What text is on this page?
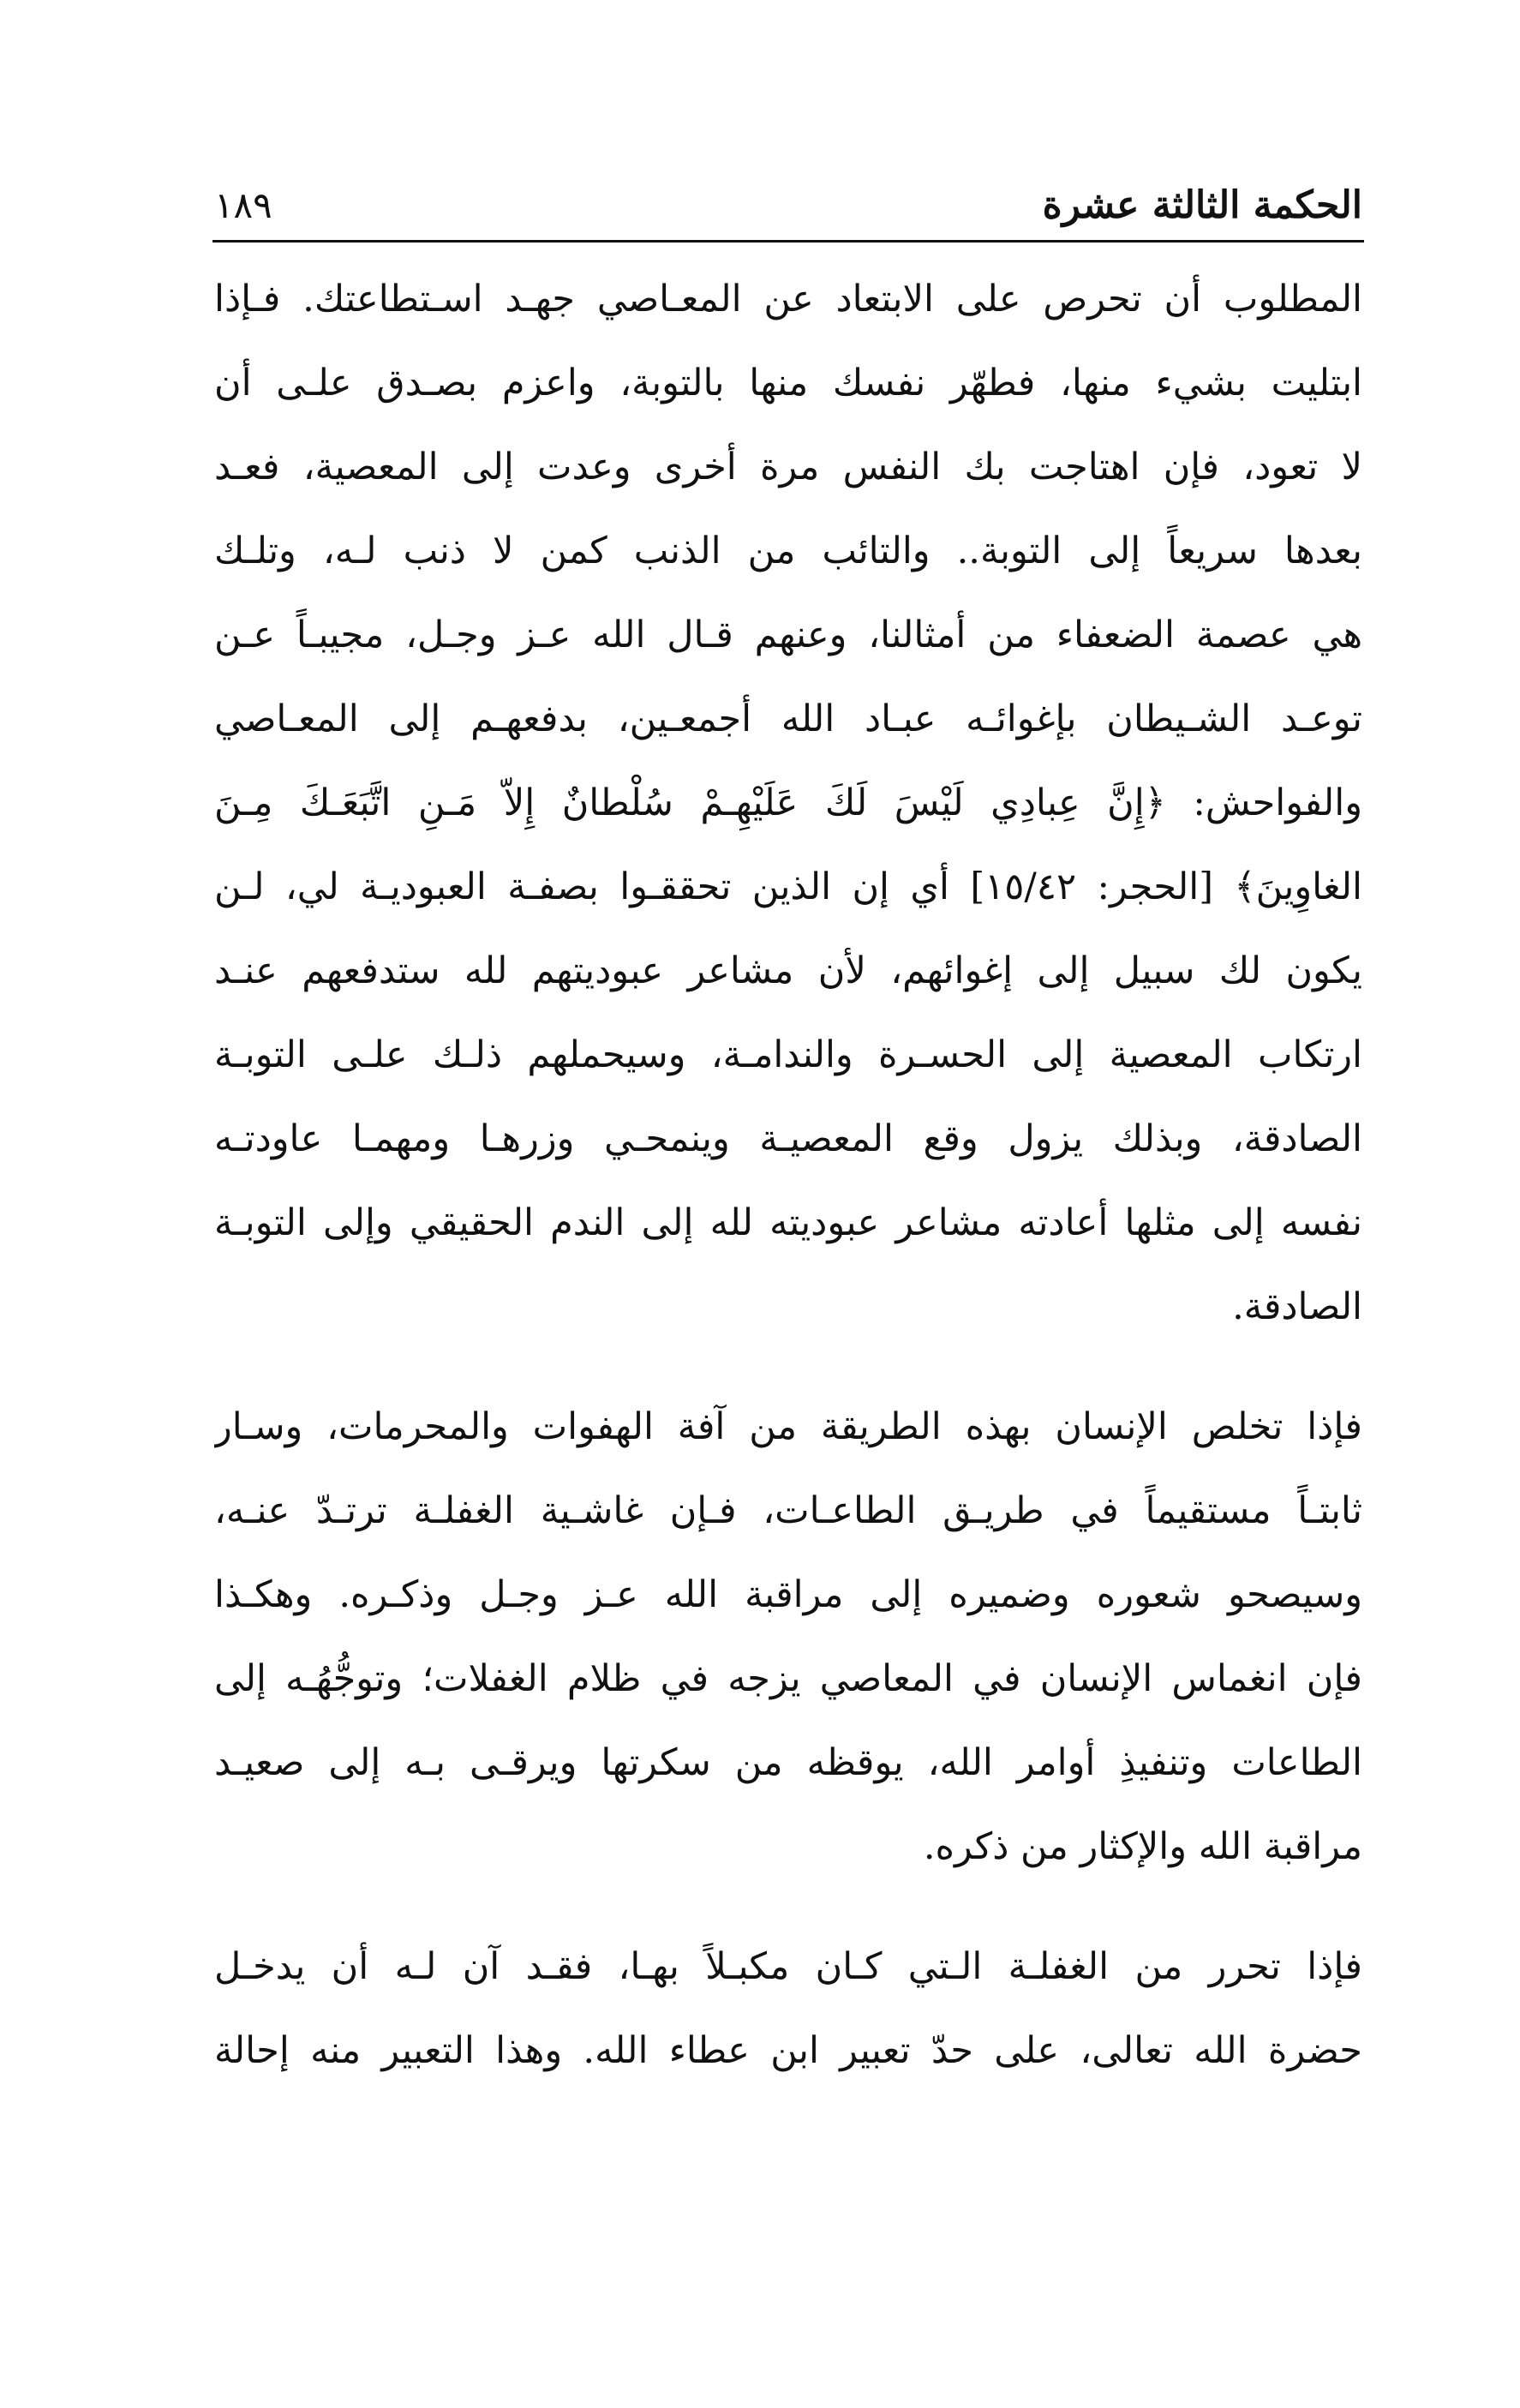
الحكمة الثالثة عشرة
١٨٩
المطلوب أن تحرص على الابتعاد عن المعـاصي جهـد اسـتطاعتك. فـإذا
ابتليت بشيء منها، فطهّر نفسك منها بالتوبة، واعزم بصـدق علـى أن
لا تعود، فإن اهتاجت بك النفس مرة أخرى وعدت إلى المعصية، فعـد
بعدها سريعاً إلى التوبة.. والتائب من الذنب كمن لا ذنب لـه، وتلـك
هي عصمة الضعفاء من أمثالنا، وعنهم قـال الله عـز وجـل، مجيبـاً عـن
توعـد الشـيطان بإغوائـه عبـاد الله أجمعـين، بدفعهـم إلى المعـاصي
والفواحش: ﴿إِنَّ عِبادِي لَيْسَ لَكَ عَلَيْهِـمْ سُلْطانٌ إِلاّ مَـنِ اتَّبَعَـكَ مِـنَ
الغاوِينَ﴾ [الحجر: ١٥/٤٢] أي إن الذين تحققـوا بصفـة العبوديـة لي، لـن
يكون لك سبيل إلى إغوائهم، لأن مشاعر عبوديتهم لله ستدفعهم عنـد
ارتكاب المعصية إلى الحسـرة والندامـة، وسيحملهم ذلـك علـى التوبـة
الصادقة، وبذلك يزول وقع المعصيـة وينمحـي وزرهـا ومهمـا عاودتـه
نفسه إلى مثلها أعادته مشاعر عبوديته لله إلى الندم الحقيقي وإلى التوبـة
الصادقة.
فإذا تخلص الإنسان بهذه الطريقة من آفة الهفوات والمحرمات، وسـار
ثابتـاً مستقيماً في طريـق الطاعـات، فـإن غاشـية الغفلـة ترتـدّ عنـه،
وسيصحو شعوره وضميره إلى مراقبة الله عـز وجـل وذكـره. وهكـذا
فإن انغماس الإنسان في المعاصي يزجه في ظلام الغفلات؛ وتوجُّهُـه إلى
الطاعات وتنفيذِ أوامر الله، يوقظه من سكرتها ويرقـى بـه إلى صعيـد
مراقبة الله والإكثار من ذكره.
فإذا تحرر من الغفلـة الـتي كـان مكبـلاً بهـا، فقـد آن لـه أن يدخـل
حضرة الله تعالى، على حدّ تعبير ابن عطاء الله. وهذا التعبير منه إحالة
